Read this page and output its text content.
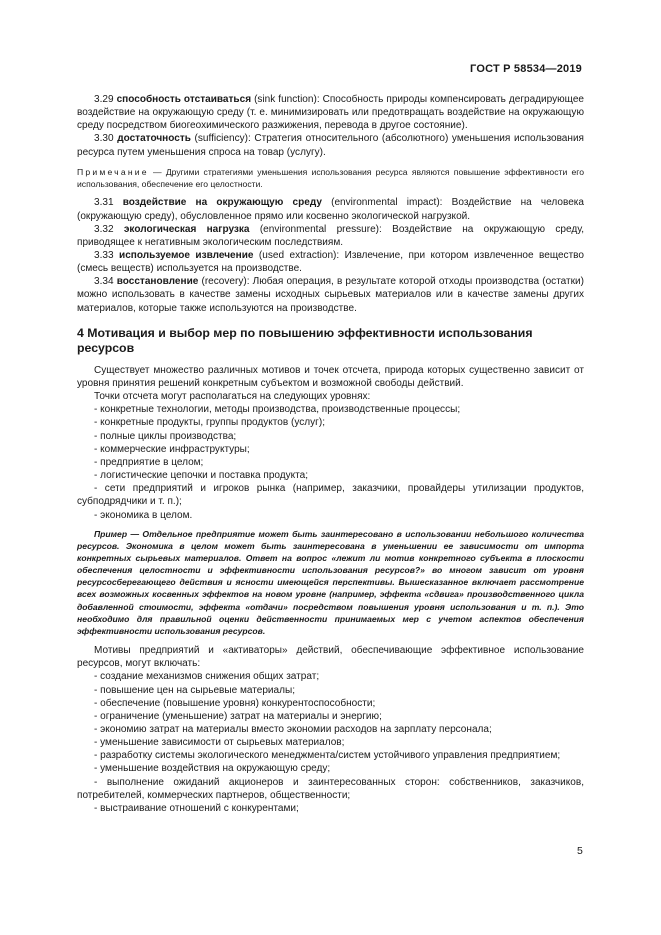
ГОСТ Р 58534—2019

3.29 способность отстаиваться (sink function): Способность природы компенсировать деградирующее воздействие на окружающую среду (т. е. минимизировать или предотвращать воздействие на окружающую среду посредством биогеохимического разжижения, перевода в другое состояние).

3.30 достаточность (sufficiency): Стратегия относительного (абсолютного) уменьшения использования ресурса путем уменьшения спроса на товар (услугу).

Примечание — Другими стратегиями уменьшения использования ресурса являются повышение эффективности его использования, обеспечение его целостности.

3.31 воздействие на окружающую среду (environmental impact): Воздействие на человека (окружающую среду), обусловленное прямо или косвенно экологической нагрузкой.

3.32 экологическая нагрузка (environmental pressure): Воздействие на окружающую среду, приводящее к негативным экологическим последствиям.

3.33 используемое извлечение (used extraction): Извлечение, при котором извлеченное вещество (смесь веществ) используется на производстве.

3.34 восстановление (recovery): Любая операция, в результате которой отходы производства (остатки) можно использовать в качестве замены исходных сырьевых материалов или в качестве замены других материалов, которые также используются на производстве.

4 Мотивация и выбор мер по повышению эффективности использования ресурсов

Существует множество различных мотивов и точек отсчета, природа которых существенно зависит от уровня принятия решений конкретным субъектом и возможной свободы действий.

Точки отсчета могут располагаться на следующих уровнях:

- конкретные технологии, методы производства, производственные процессы;

- конкретные продукты, группы продуктов (услуг);

- полные циклы производства;

- коммерческие инфраструктуры;

- предприятие в целом;

- логистические цепочки и поставка продукта;

- сети предприятий и игроков рынка (например, заказчики, провайдеры утилизации продуктов, субподрядчики и т. п.);

- экономика в целом.

Пример — Отдельное предприятие может быть заинтересовано в использовании небольшого количества ресурсов. Экономика в целом может быть заинтересована в уменьшении ее зависимости от импорта конкретных сырьевых материалов. Ответ на вопрос «лежит ли мотив конкретного субъекта в плоскости обеспечения целостности и эффективности использования ресурсов?» во многом зависит от уровня ресурсосберегающего действия и ясности имеющейся перспективы. Вышесказанное включает рассмотрение всех возможных косвенных эффектов на новом уровне (например, эффекта «сдвига» производственного цикла добавленной стоимости, эффекта «отдачи» посредством повышения уровня использования и т. п.). Это необходимо для правильной оценки действенности принимаемых мер с учетом аспектов обеспечения эффективности использования ресурсов.

Мотивы предприятий и «активаторы» действий, обеспечивающие эффективное использование ресурсов, могут включать:

- создание механизмов снижения общих затрат;

- повышение цен на сырьевые материалы;

- обеспечение (повышение уровня) конкурентоспособности;

- ограничение (уменьшение) затрат на материалы и энергию;

- экономию затрат на материалы вместо экономии расходов на зарплату персонала;

- уменьшение зависимости от сырьевых материалов;

- разработку системы экологического менеджмента/систем устойчивого управления предприятием;

- уменьшение воздействия на окружающую среду;

- выполнение ожиданий акционеров и заинтересованных сторон: собственников, заказчиков, потребителей, коммерческих партнеров, общественности;

- выстраивание отношений с конкурентами;

5
